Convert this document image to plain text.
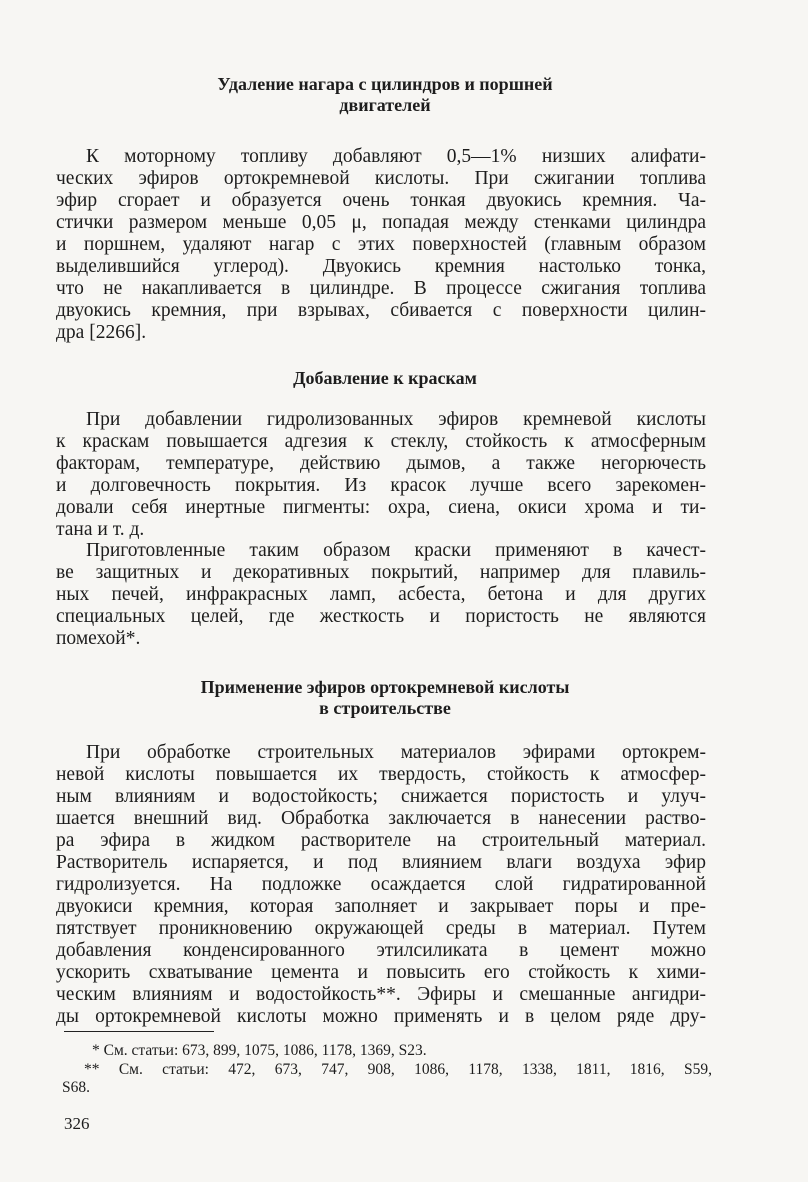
Удаление нагара с цилиндров и поршней
двигателей
К моторному топливу добавляют 0,5—1% низших алифати-
ческих эфиров ортокремневой кислоты. При сжигании топлива
эфир сгорает и образуется очень тонкая двуокись кремния. Ча-
стички размером меньше 0,05 μ, попадая между стенками цилиндра
и поршнем, удаляют нагар с этих поверхностей (главным образом
выделившийся углерод). Двуокись кремния настолько тонка,
что не накапливается в цилиндре. В процессе сжигания топлива
двуокись кремния, при взрывах, сбивается с поверхности цилин-
дра [2266].
Добавление к краскам
При добавлении гидролизованных эфиров кремневой кислоты
к краскам повышается адгезия к стеклу, стойкость к атмосферным
факторам, температуре, действию дымов, а также негорючесть
и долговечность покрытия. Из красок лучше всего зарекомен-
довали себя инертные пигменты: охра, сиена, окиси хрома и ти-
тана и т. д.
Приготовленные таким образом краски применяют в качест-
ве защитных и декоративных покрытий, например для плавиль-
ных печей, инфракрасных ламп, асбеста, бетона и для других
специальных целей, где жесткость и пористость не являются
помехой*.
Применение эфиров ортокремневой кислоты
в строительстве
При обработке строительных материалов эфирами ортокрем-
невой кислоты повышается их твердость, стойкость к атмосфер-
ным влияниям и водостойкость; снижается пористость и улуч-
шается внешний вид. Обработка заключается в нанесении раство-
ра эфира в жидком растворителе на строительный материал.
Растворитель испаряется, и под влиянием влаги воздуха эфир
гидролизуется. На подложке осаждается слой гидратированной
двуокиси кремния, которая заполняет и закрывает поры и пре-
пятствует проникновению окружающей среды в материал. Путем
добавления конденсированного этилсиликата в цемент можно
ускорить схватывание цемента и повысить его стойкость к хими-
ческим влияниям и водостойкость**. Эфиры и смешанные ангидри-
ды ортокремневой кислоты можно применять и в целом ряде дру-
* См. статьи: 673, 899, 1075, 1086, 1178, 1369, S23.
** См. статьи: 472, 673, 747, 908, 1086, 1178, 1338, 1811, 1816, S59,
S68.
326
